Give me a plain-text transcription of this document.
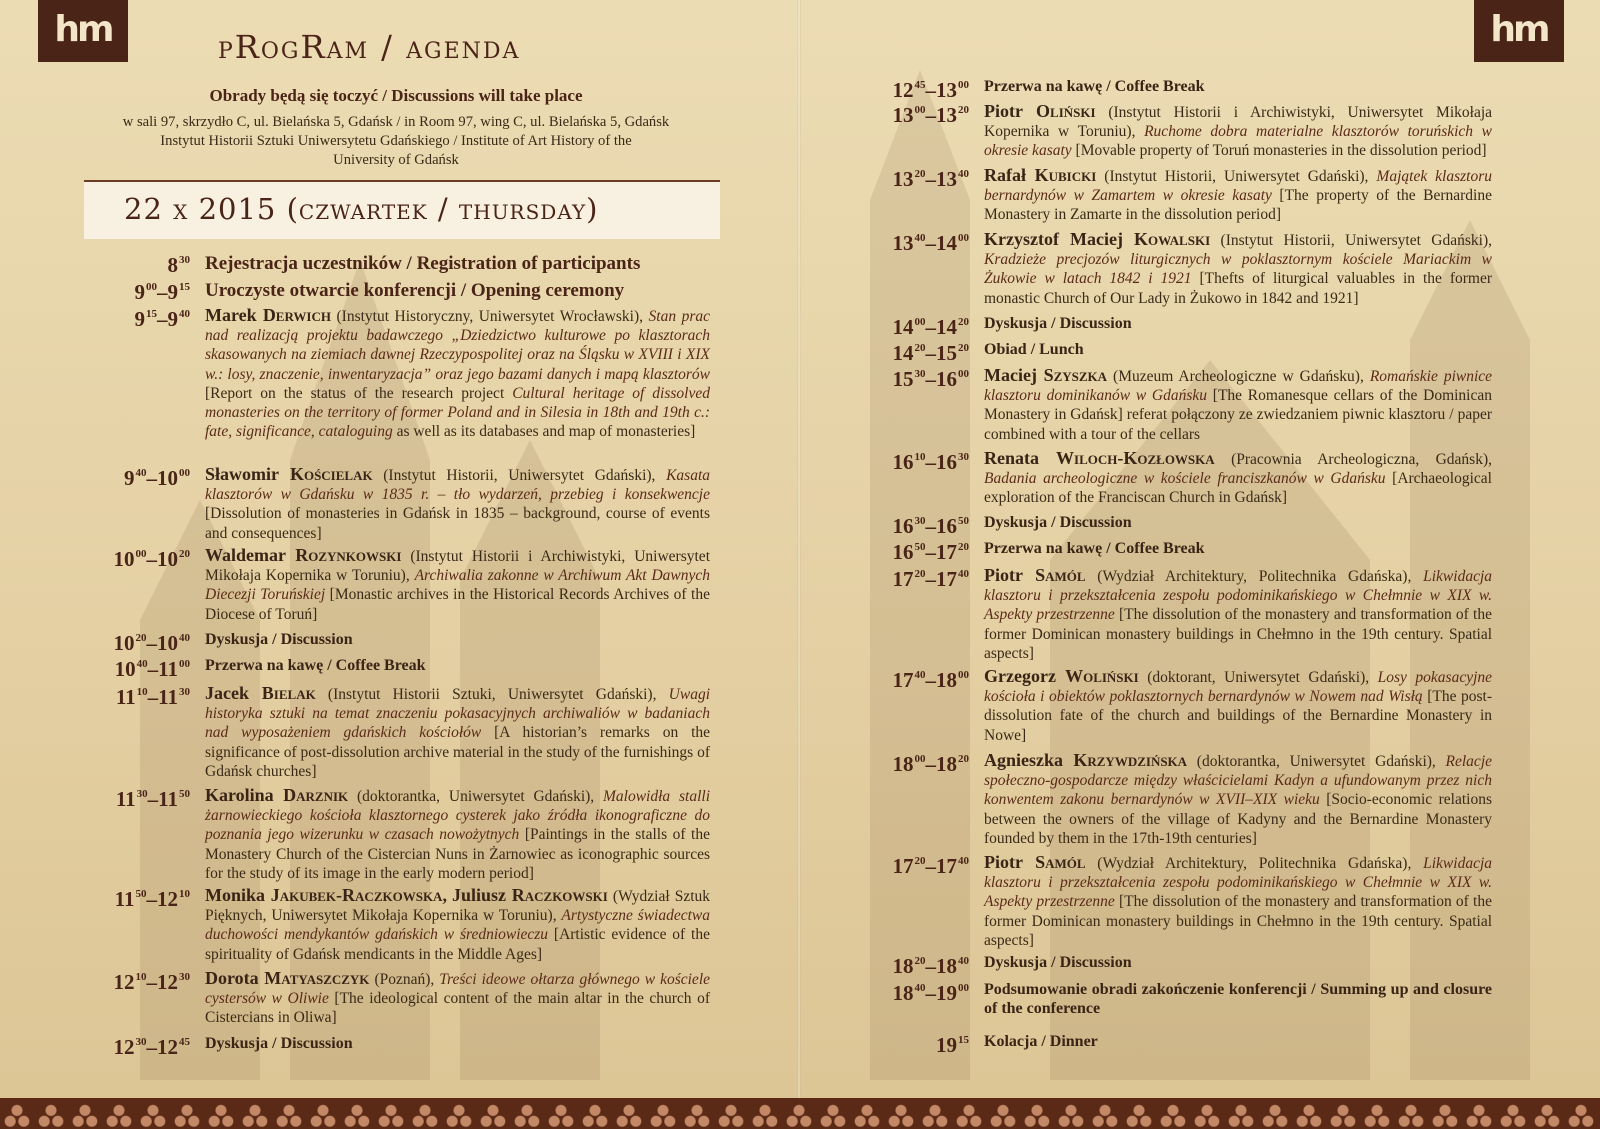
hm	pRogRam / agenda
Obrady będą się toczyć / Discussions will take place
w sali 97, skrzydło C, ul. Bielańska 5, Gdańsk / in Room 97, wing C, ul. Bielańska 5, Gdańsk
Instytut Historii Sztuki Uniwersytetu Gdańskiego / Institute of Art History of the
University of Gdańsk
22 x 2015 (czwartek / thursday)
$8^{30}$ Rejestracja uczestników / Registration of participants
$9^{00}-9^{15}$ Uroczyste otwarcie konferencji / Opening ceremony
$9^{15}-9^{40}$ Marek Derwich (Instytut Historyczny, Uniwersytet Wrocławski), Stan prac nad realizacją projektu badawczego „Dziedzictwo kulturowe po klasztorach skasowanych na ziemiach dawnej Rzeczypospolitej oraz na Śląsku w XVIII i XIX w.: losy, znaczenie, inwentaryzacja” oraz jego bazami danych i mapą klasztorów [Report on the status of the research project Cultural heritage of dissolved monasteries on the territory of former Poland and in Silesia in 18th and 19th c.: fate, significance, cataloguing as well as its databases and map of monasteries]
$9^{40}-10^{00}$ Sławomir Kościelak (Instytut Historii, Uniwersytet Gdański), Kasata klasztorów w Gdańsku w 1835 r. – tło wydarzeń, przebieg i konsekwencje [Dissolution of monasteries in Gdańsk in 1835 – background, course of events and consequences]
$10^{00}-10^{20}$ Waldemar Rozynkowski (Instytut Historii i Archiwistyki, Uniwersytet Mikołaja Kopernika w Toruniu), Archiwalia zakonne w Archiwum Akt Dawnych Diecezji Toruńskiej [Monastic archives in the Historical Records Archives of the Diocese of Toruń]
$10^{20}-10^{40}$ Dyskusja / Discussion
$10^{40}-11^{00}$ Przerwa na kawę / Coffee Break
$11^{10}-11^{30}$ Jacek Bielak (Instytut Historii Sztuki, Uniwersytet Gdański), Uwagi historyka sztuki na temat znaczeniu pokasacyjnych archiwaliów w badaniach nad wyposażeniem gdańskich kościołów [A historian’s remarks on the significance of post-dissolution archive material in the study of the furnishings of Gdańsk churches]
$11^{30}-11^{50}$ Karolina Darznik (doktorantka, Uniwersytet Gdański), Malowidła stalli żarnowieckiego kościoła klasztornego cysterek jako źródła ikonograficzne do poznania jego wizerunku w czasach nowożytnych [Paintings in the stalls of the Monastery Church of the Cistercian Nuns in Żarnowiec as iconographic sources for the study of its image in the early modern period]
$11^{50}-12^{10}$ Monika Jakubek-Raczkowska, Juliusz Raczkowski (Wydział Sztuk Pięknych, Uniwersytet Mikołaja Kopernika w Toruniu), Artystyczne świadectwa duchowości mendykantów gdańskich w średniowieczu [Artistic evidence of the spirituality of Gdańsk mendicants in the Middle Ages]
$12^{10}-12^{30}$ Dorota Matyaszczyk (Poznań), Treści ideowe ołtarza głównego w kościele cystersów w Oliwie [The ideological content of the main altar in the church of Cistercians in Oliwa]
$12^{30}-12^{45}$ Dyskusja / Discussion
hm
$12^{45}-13^{00}$ Przerwa na kawę / Coffee Break
$13^{00}-13^{20}$ Piotr Oliński (Instytut Historii i Archiwistyki, Uniwersytet Mikołaja Kopernika w Toruniu), Ruchome dobra materialne klasztorów toruńskich w okresie kasaty [Movable property of Toruń monasteries in the dissolution period]
$13^{20}-13^{40}$ Rafał Kubicki (Instytut Historii, Uniwersytet Gdański), Majątek klasztoru bernardynów w Zamartem w okresie kasaty [The property of the Bernardine Monastery in Zamarte in the dissolution period]
$13^{40}-14^{00}$ Krzysztof Maciej Kowalski (Instytut Historii, Uniwersytet Gdański), Kradzieże precjozów liturgicznych w poklasztornym kościele Mariackim w Żukowie w latach 1842 i 1921 [Thefts of liturgical valuables in the former monastic Church of Our Lady in Żukowo in 1842 and 1921]
$14^{00}-14^{20}$ Dyskusja / Discussion
$14^{20}-15^{20}$ Obiad / Lunch
$15^{30}-16^{00}$ Maciej Szyszka (Muzeum Archeologiczne w Gdańsku), Romańskie piwnice klasztoru dominikanów w Gdańsku [The Romanesque cellars of the Dominican Monastery in Gdańsk] referat połączony ze zwiedzaniem piwnic klasztoru / paper combined with a tour of the cellars
$16^{10}-16^{30}$ Renata Wiloch-Kozłowska (Pracownia Archeologiczna, Gdańsk), Badania archeologiczne w kościele franciszkanów w Gdańsku [Archaeological exploration of the Franciscan Church in Gdańsk]
$16^{30}-16^{50}$ Dyskusja / Discussion
$16^{50}-17^{20}$ Przerwa na kawę / Coffee Break
$17^{20}-17^{40}$ Piotr Samól (Wydział Architektury, Politechnika Gdańska), Likwidacja klasztoru i przekształcenia zespołu podominikańskiego w Chełmnie w XIX w. Aspekty przestrzenne [The dissolution of the monastery and transformation of the former Dominican monastery buildings in Chełmno in the 19th century. Spatial aspects]
$17^{40}-18^{00}$ Grzegorz Woliński (doktorant, Uniwersytet Gdański), Losy pokasacyjne kościoła i obiektów poklasztornych bernardynów w Nowem nad Wisłą [The post-dissolution fate of the church and buildings of the Bernardine Monastery in Nowe]
$18^{00}-18^{20}$ Agnieszka Krzywdzińska (doktorantka, Uniwersytet Gdański), Relacje społeczno-gospodarcze między właścicielami Kadyn a ufundowanym przez nich konwentem zakonu bernardynów w XVII–XIX wieku [Socio-economic relations between the owners of the village of Kadyny and the Bernardine Monastery founded by them in the 17th-19th centuries]
$17^{20}-17^{40}$ Piotr Samól (Wydział Architektury, Politechnika Gdańska), Likwidacja klasztoru i przekształcenia zespołu podominikańskiego w Chełmnie w XIX w. Aspekty przestrzenne [The dissolution of the monastery and transformation of the former Dominican monastery buildings in Chełmno in the 19th century. Spatial aspects]
$18^{20}-18^{40}$ Dyskusja / Discussion
$18^{40}-19^{00}$ Podsumowanie obradi zakończenie konferencji / Summing up and closure of the conference
$19^{15}$ Kolacja / Dinner
